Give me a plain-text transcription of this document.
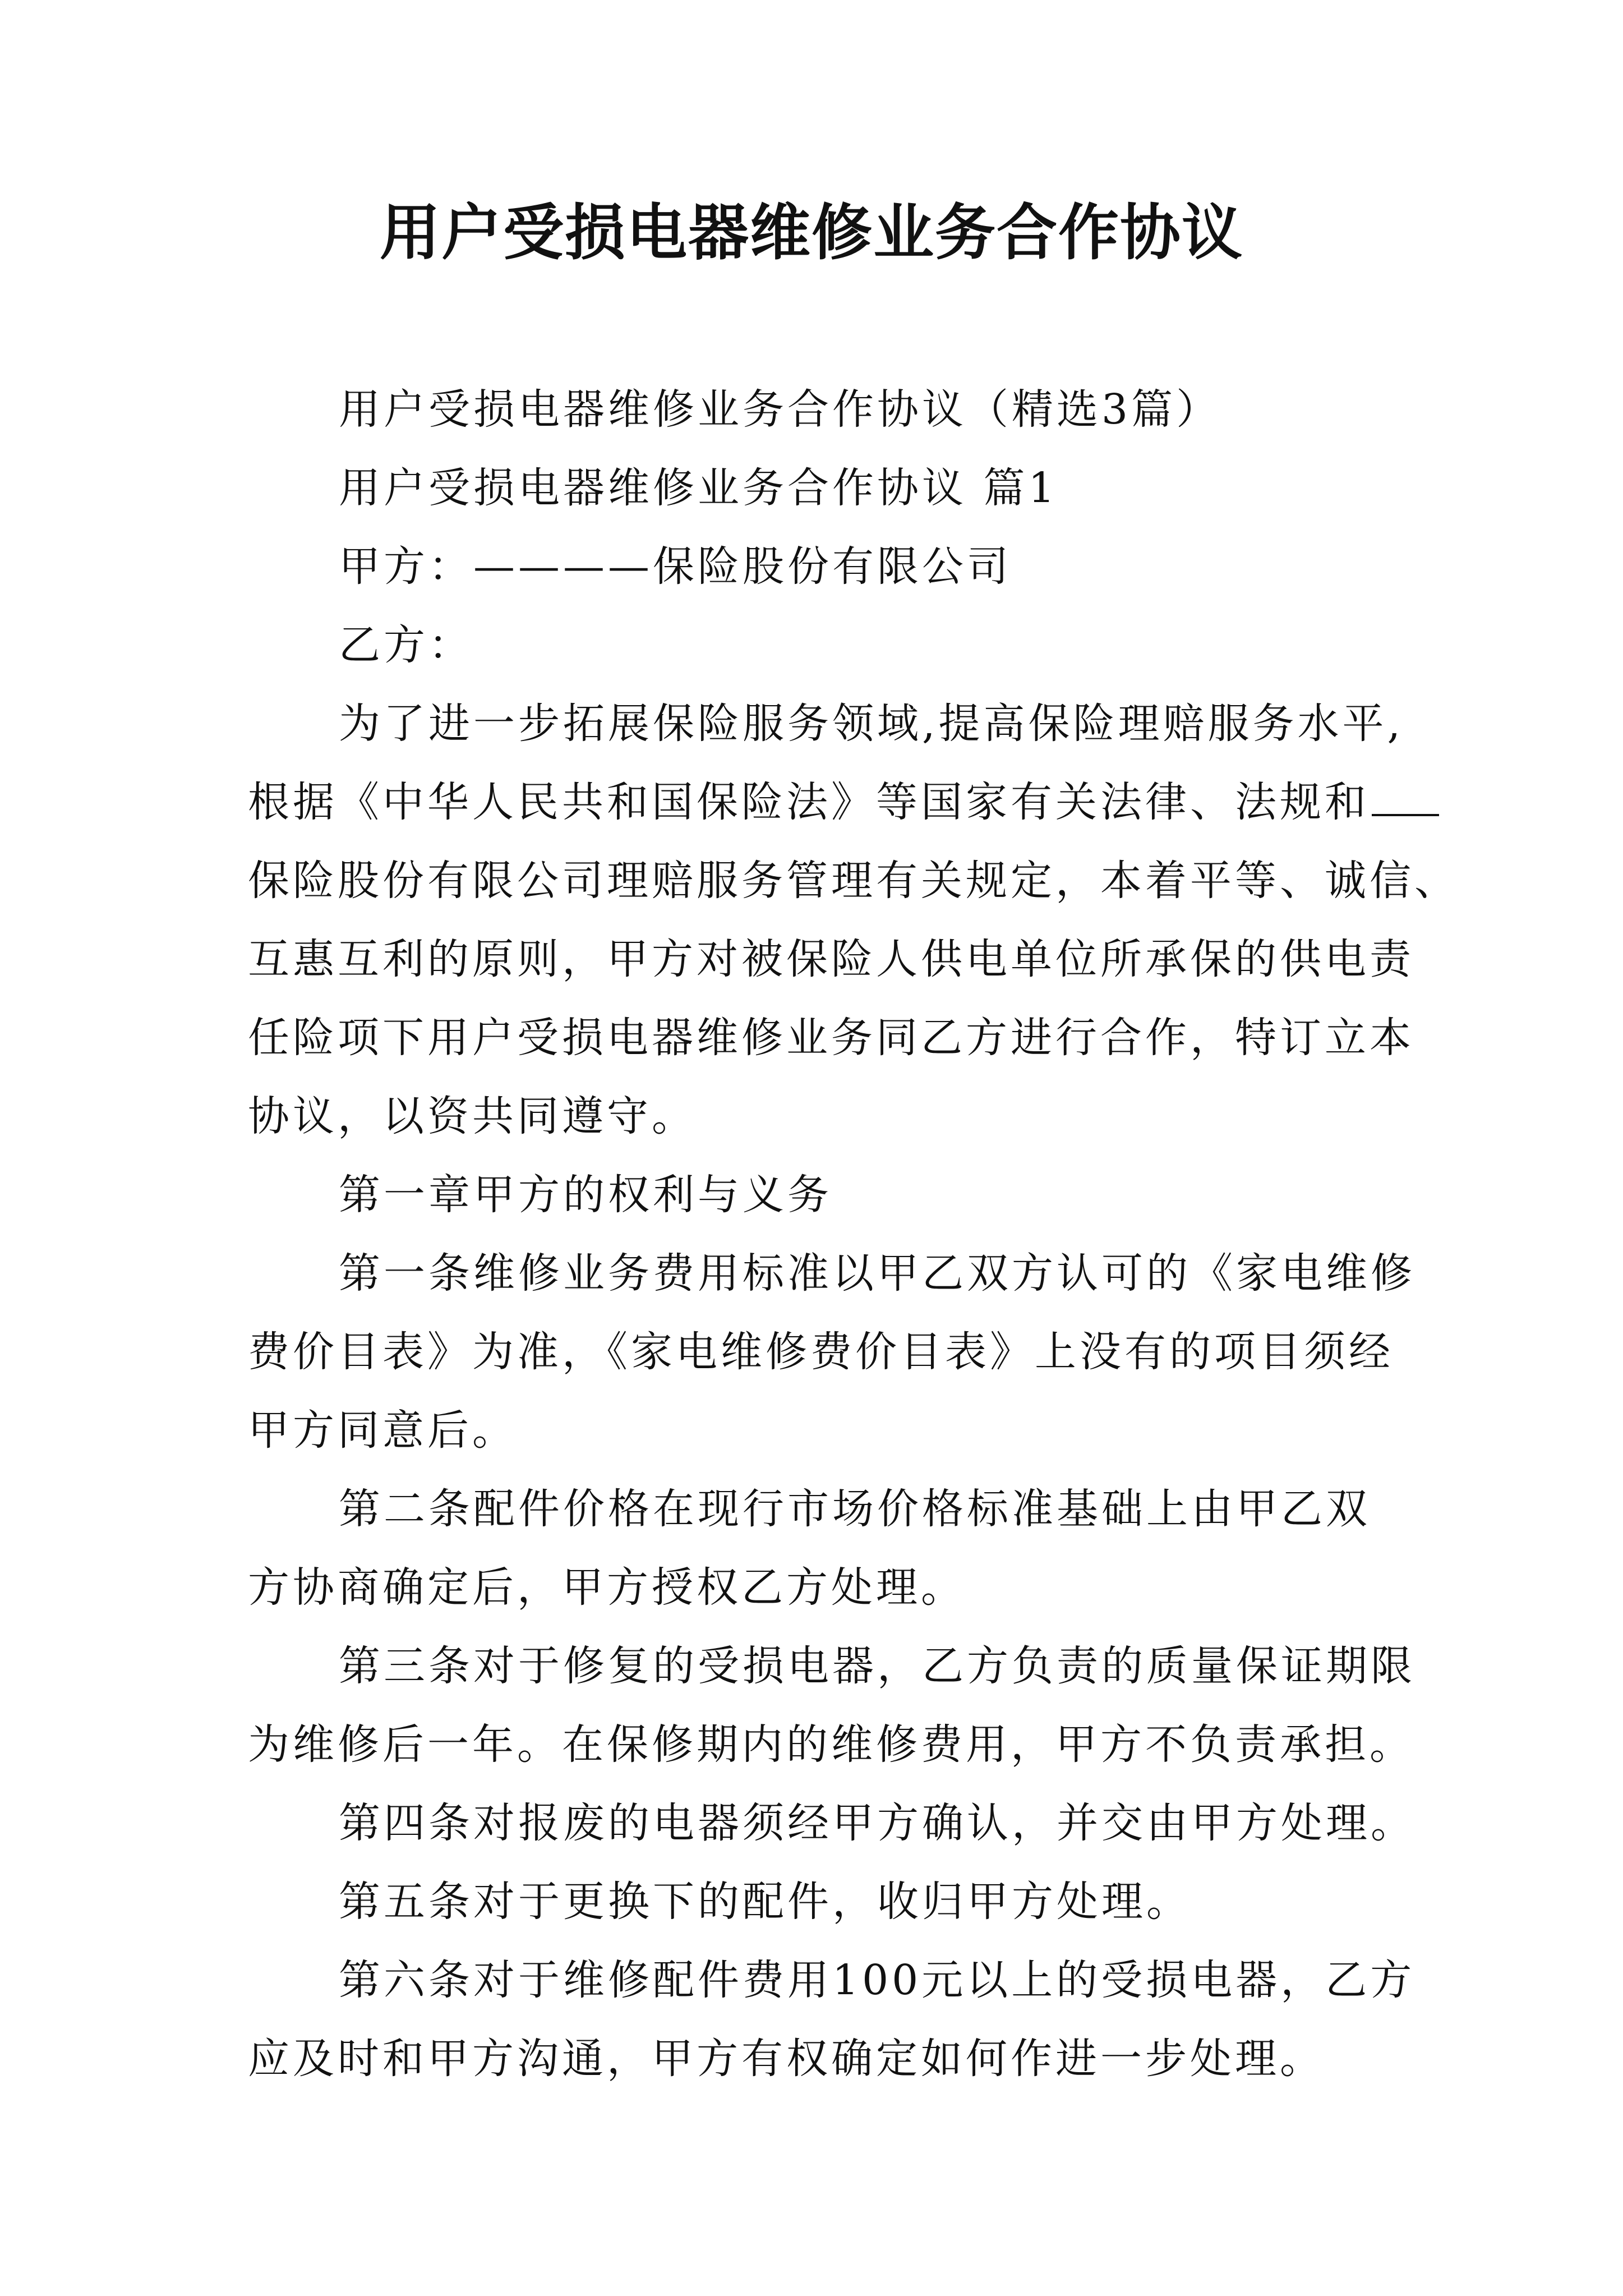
用户受损电器维修业务合作协议
用户受损电器维修业务合作协议（精选3篇）
用户受损电器维修业务合作协议 篇1
甲方：————保险股份有限公司
乙方：
为了进一步拓展保险服务领域,提高保险理赔服务水平,
根据《中华人民共和国保险法》等国家有关法律、法规和
保险股份有限公司理赔服务管理有关规定，本着平等、诚信、
互惠互利的原则，甲方对被保险人供电单位所承保的供电责
任险项下用户受损电器维修业务同乙方进行合作，特订立本
协议，以资共同遵守。
第一章甲方的权利与义务
第一条维修业务费用标准以甲乙双方认可的《家电维修
费价目表》为准，《家电维修费价目表》上没有的项目须经
甲方同意后。
第二条配件价格在现行市场价格标准基础上由甲乙双
方协商确定后，甲方授权乙方处理。
第三条对于修复的受损电器，乙方负责的质量保证期限
为维修后一年。在保修期内的维修费用，甲方不负责承担。
第四条对报废的电器须经甲方确认，并交由甲方处理。
第五条对于更换下的配件，收归甲方处理。
第六条对于维修配件费用100元以上的受损电器，乙方
应及时和甲方沟通，甲方有权确定如何作进一步处理。
